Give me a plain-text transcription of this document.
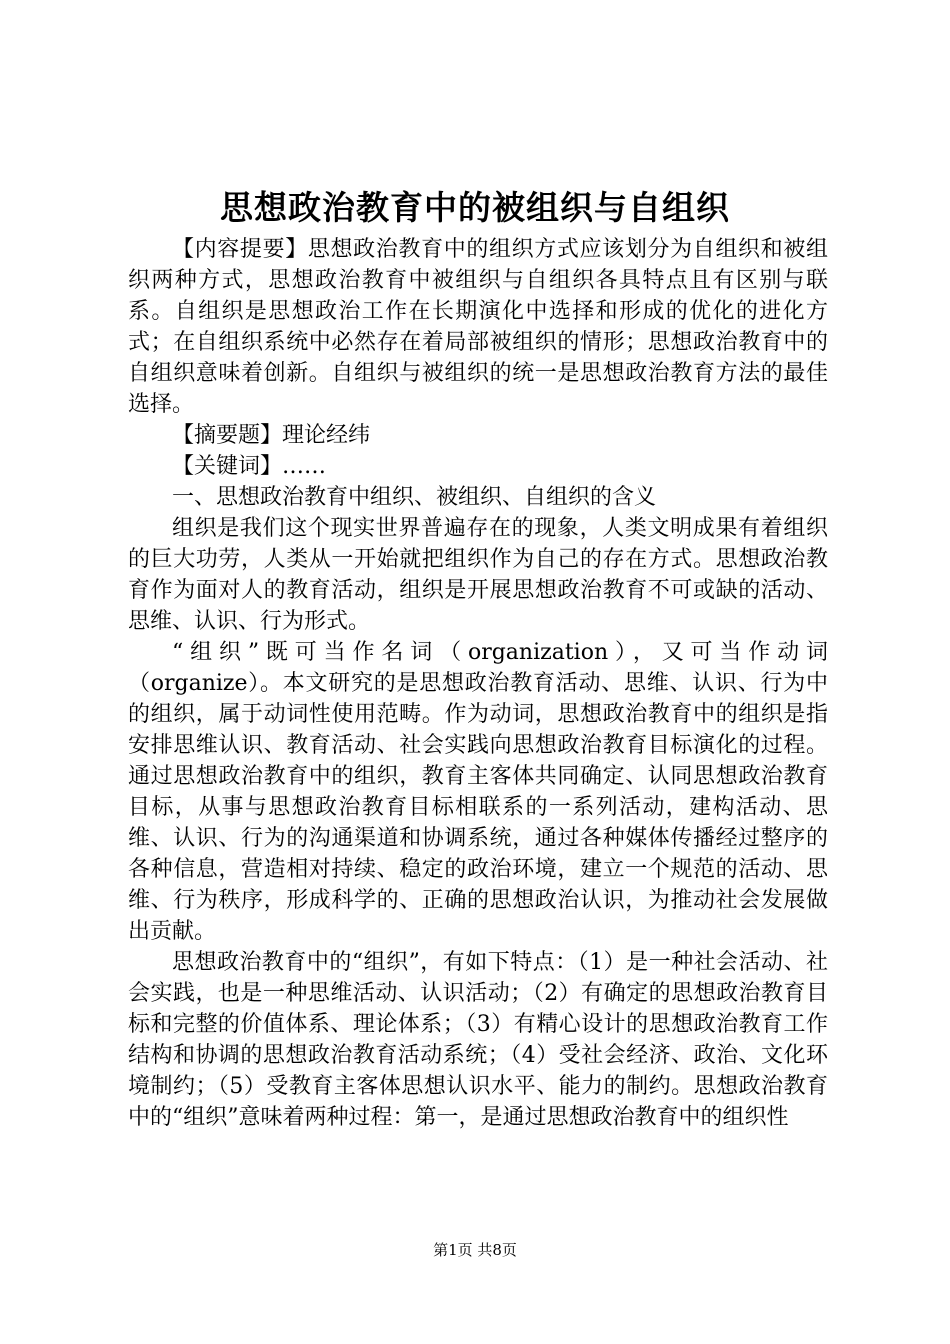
思想政治教育中的被组织与自组织

【内容提要】思想政治教育中的组织方式应该划分为自组织和被组织两种方式，思想政治教育中被组织与自组织各具特点且有区别与联系。自组织是思想政治工作在长期演化中选择和形成的优化的进化方式；在自组织系统中必然存在着局部被组织的情形；思想政治教育中的自组织意味着创新。自组织与被组织的统一是思想政治教育方法的最佳选择。

【摘要题】理论经纬

【关键词】……

一、思想政治教育中组织、被组织、自组织的含义

组织是我们这个现实世界普遍存在的现象，人类文明成果有着组织的巨大功劳，人类从一开始就把组织作为自己的存在方式。思想政治教育作为面对人的教育活动，组织是开展思想政治教育不可或缺的活动、思维、认识、行为形式。

“组织”既可当作名词（organization），又可当作动词（organize）。本文研究的是思想政治教育活动、思维、认识、行为中的组织，属于动词性使用范畴。作为动词，思想政治教育中的组织是指安排思维认识、教育活动、社会实践向思想政治教育目标演化的过程。通过思想政治教育中的组织，教育主客体共同确定、认同思想政治教育目标，从事与思想政治教育目标相联系的一系列活动，建构活动、思维、认识、行为的沟通渠道和协调系统，通过各种媒体传播经过整序的各种信息，营造相对持续、稳定的政治环境，建立一个规范的活动、思维、行为秩序，形成科学的、正确的思想政治认识，为推动社会发展做出贡献。

思想政治教育中的“组织”，有如下特点：（1）是一种社会活动、社会实践，也是一种思维活动、认识活动；（2）有确定的思想政治教育目标和完整的价值体系、理论体系；（3）有精心设计的思想政治教育工作结构和协调的思想政治教育活动系统；（4）受社会经济、政治、文化环境制约；（5）受教育主客体思想认识水平、能力的制约。思想政治教育中的“组织”意味着两种过程：第一，是通过思想政治教育中的组织性

第1页 共8页
